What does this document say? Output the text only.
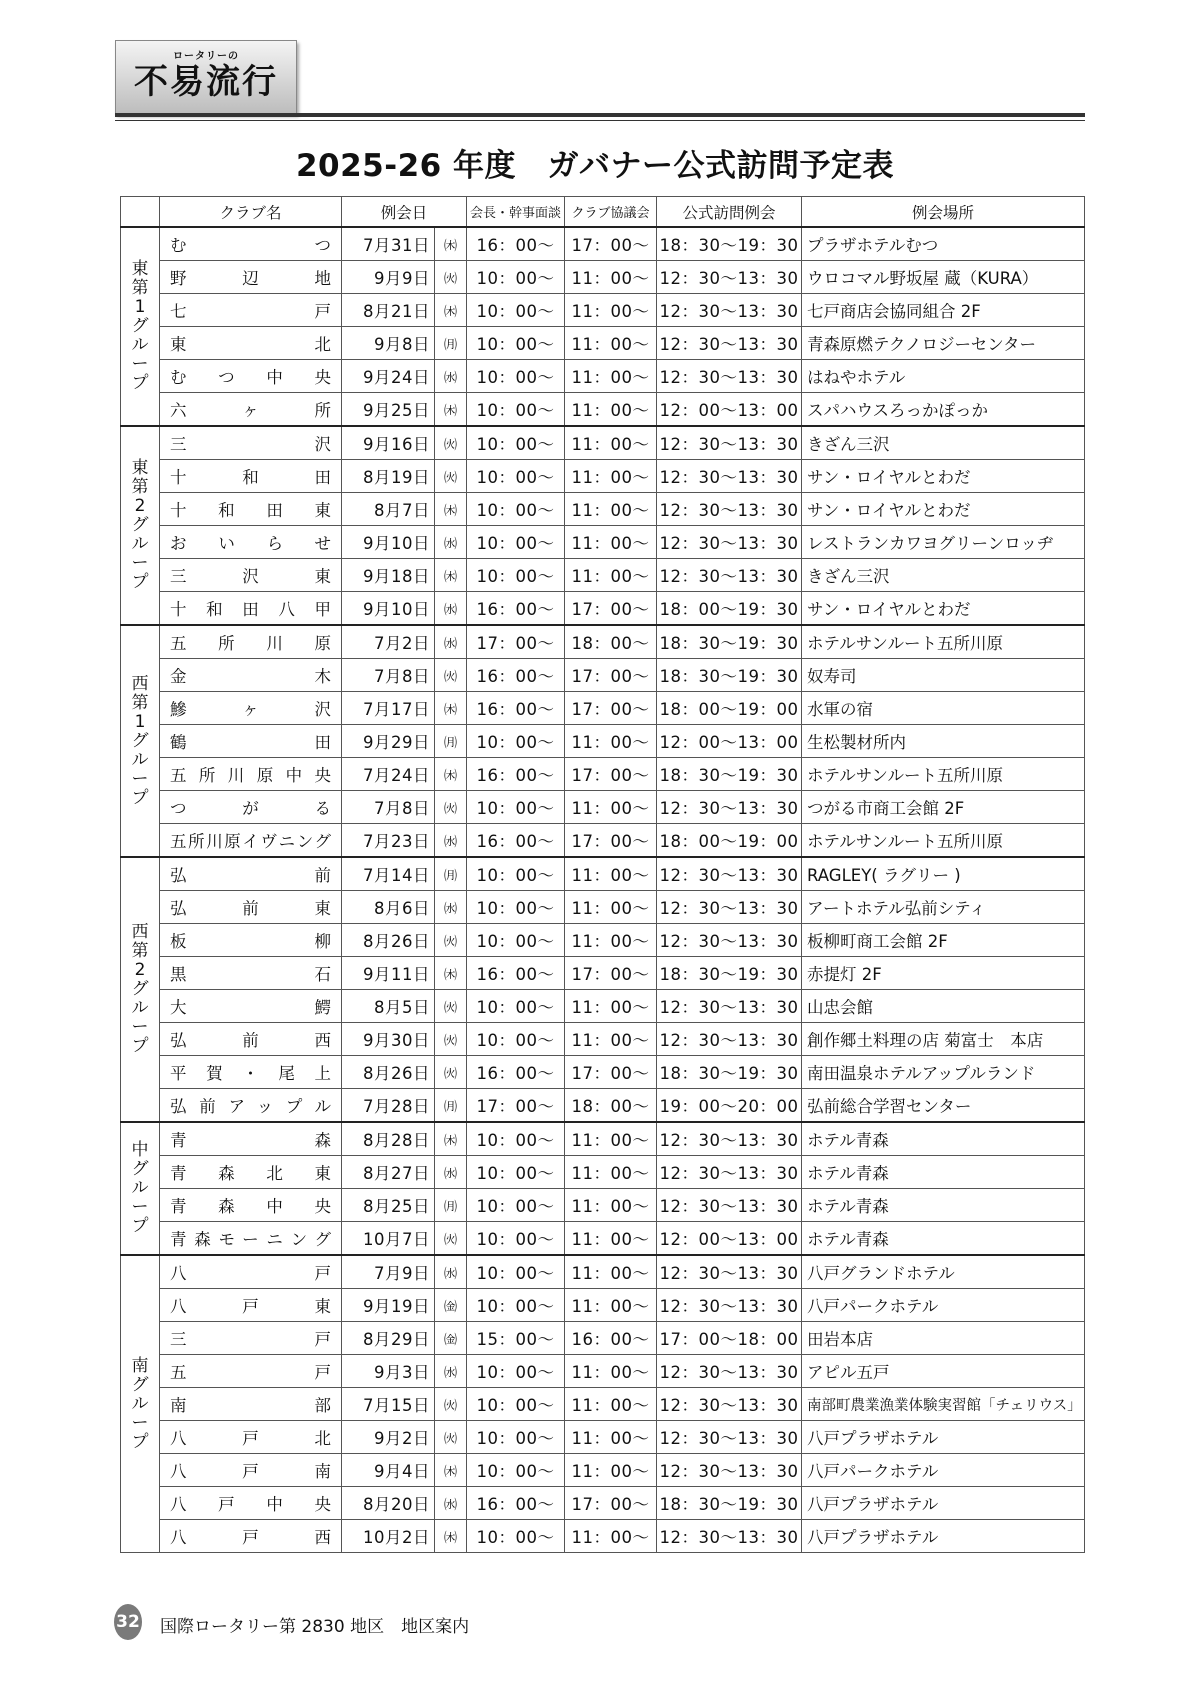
ロータリーの
不易流行
2025-26 年度　ガバナー公式訪問予定表
	クラブ名	例会日		会長・幹事面談	クラブ協議会	公式訪問例会	例会場所
東第1グループ	むつ	7月31日	㈭	16：00～	17：00～	18：30～19：30	プラザホテルむつ
	野辺地	9月9日	㈫	10：00～	11：00～	12：30～13：30	ウロコマル野坂屋 蔵（KURA）
	七戸	8月21日	㈭	10：00～	11：00～	12：30～13：30	七戸商店会協同組合 2F
	東北	9月8日	㈪	10：00～	11：00～	12：30～13：30	青森原燃テクノロジーセンター
	むつ中央	9月24日	㈬	10：00～	11：00～	12：30～13：30	はねやホテル
	六ヶ所	9月25日	㈭	10：00～	11：00～	12：00～13：00	スパハウスろっかぽっか
東第2グループ	三沢	9月16日	㈫	10：00～	11：00～	12：30～13：30	きざん三沢
	十和田	8月19日	㈫	10：00～	11：00～	12：30～13：30	サン・ロイヤルとわだ
	十和田東	8月7日	㈭	10：00～	11：00～	12：30～13：30	サン・ロイヤルとわだ
	おいらせ	9月10日	㈬	10：00～	11：00～	12：30～13：30	レストランカワヨグリーンロッヂ
	三沢東	9月18日	㈭	10：00～	11：00～	12：30～13：30	きざん三沢
	十和田八甲	9月10日	㈬	16：00～	17：00～	18：00～19：30	サン・ロイヤルとわだ
西第1グループ	五所川原	7月2日	㈬	17：00～	18：00～	18：30～19：30	ホテルサンルート五所川原
	金木	7月8日	㈫	16：00～	17：00～	18：30～19：30	奴寿司
	鰺ヶ沢	7月17日	㈭	16：00～	17：00～	18：00～19：00	水軍の宿
	鶴田	9月29日	㈪	10：00～	11：00～	12：00～13：00	生松製材所内
	五所川原中央	7月24日	㈭	16：00～	17：00～	18：30～19：30	ホテルサンルート五所川原
	つがる	7月8日	㈫	10：00～	11：00～	12：30～13：30	つがる市商工会館 2F
	五所川原イヴニング	7月23日	㈬	16：00～	17：00～	18：00～19：00	ホテルサンルート五所川原
西第2グループ	弘前	7月14日	㈪	10：00～	11：00～	12：30～13：30	RAGLEY( ラグリー )
	弘前東	8月6日	㈬	10：00～	11：00～	12：30～13：30	アートホテル弘前シティ
	板柳	8月26日	㈫	10：00～	11：00～	12：30～13：30	板柳町商工会館 2F
	黒石	9月11日	㈭	16：00～	17：00～	18：30～19：30	赤提灯 2F
	大鰐	8月5日	㈫	10：00～	11：00～	12：30～13：30	山忠会館
	弘前西	9月30日	㈫	10：00～	11：00～	12：30～13：30	創作郷土料理の店 菊富士　本店
	平賀・尾上	8月26日	㈫	16：00～	17：00～	18：30～19：30	南田温泉ホテルアップルランド
	弘前アップル	7月28日	㈪	17：00～	18：00～	19：00～20：00	弘前総合学習センター
中グループ	青森	8月28日	㈭	10：00～	11：00～	12：30～13：30	ホテル青森
	青森北東	8月27日	㈬	10：00～	11：00～	12：30～13：30	ホテル青森
	青森中央	8月25日	㈪	10：00～	11：00～	12：30～13：30	ホテル青森
	青森モーニング	10月7日	㈫	10：00～	11：00～	12：00～13：00	ホテル青森
南グループ	八戸	7月9日	㈬	10：00～	11：00～	12：30～13：30	八戸グランドホテル
	八戸東	9月19日	㈮	10：00～	11：00～	12：30～13：30	八戸パークホテル
	三戸	8月29日	㈮	15：00～	16：00～	17：00～18：00	田岩本店
	五戸	9月3日	㈬	10：00～	11：00～	12：30～13：30	アピル五戸
	南部	7月15日	㈫	10：00～	11：00～	12：30～13：30	南部町農業漁業体験実習館「チェリウス」
	八戸北	9月2日	㈫	10：00～	11：00～	12：30～13：30	八戸プラザホテル
	八戸南	9月4日	㈭	10：00～	11：00～	12：30～13：30	八戸パークホテル
	八戸中央	8月20日	㈬	16：00～	17：00～	18：30～19：30	八戸プラザホテル
	八戸西	10月2日	㈭	10：00～	11：00～	12：30～13：30	八戸プラザホテル
32 国際ロータリー第 2830 地区　地区案内
